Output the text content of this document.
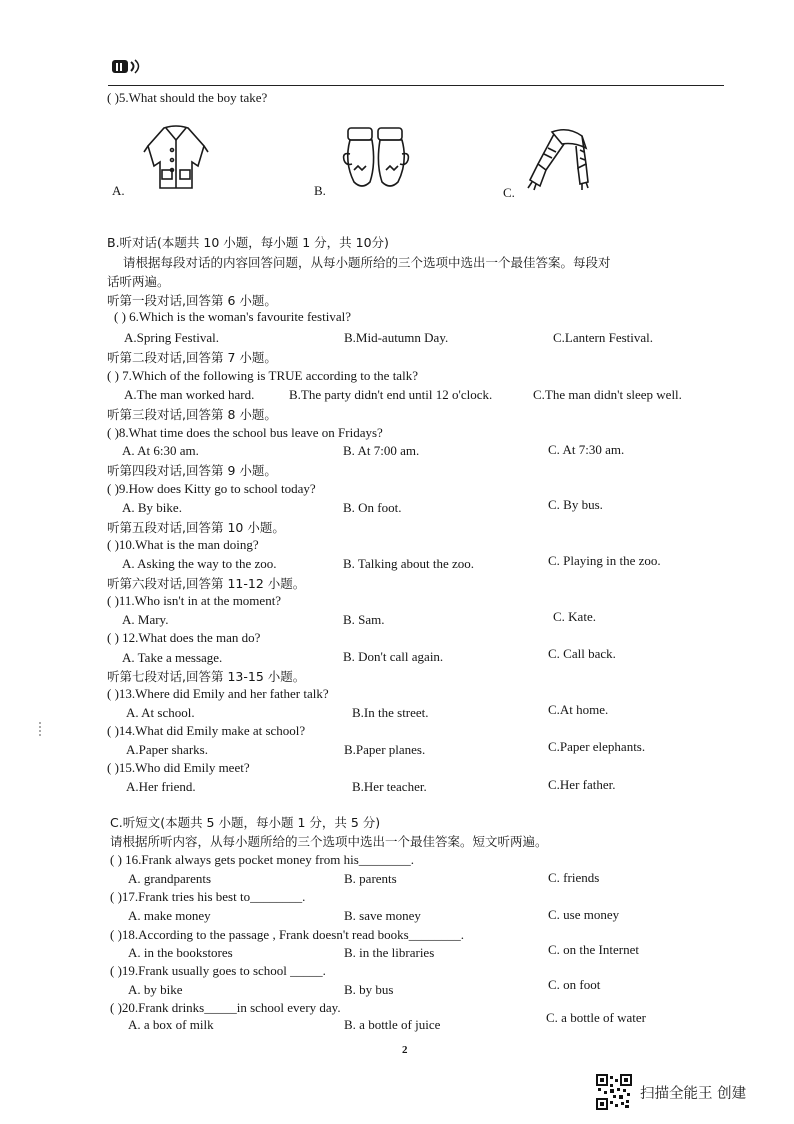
( )5.What should the boy take?
A.	B.	C.
B.听对话(本题共 10 小题，每小题 1 分，共 10分)
请根据每段对话的内容回答问题，从每小题所给的三个选项中选出一个最佳答案。每段对
话听两遍。
听第一段对话,回答第 6 小题。
( ) 6.Which is the woman's favourite festival?
A.Spring Festival.	B.Mid-autumn Day.	C.Lantern Festival.
听第二段对话,回答第 7 小题。
( ) 7.Which of the following is TRUE according to the talk?
A.The man worked hard.	B.The party didn't end until 12 o'clock.	C.The man didn't sleep well.
听第三段对话,回答第 8 小题。
( )8.What time does the school bus leave on Fridays?
A. At 6:30 am.	B. At 7:00 am.	C. At 7:30 am.
听第四段对话,回答第 9 小题。
( )9.How does Kitty go to school today?
A. By bike.	B. On foot.	C. By bus.
听第五段对话,回答第 10 小题。
( )10.What is the man doing?
A. Asking the way to the zoo.	B. Talking about the zoo.	C. Playing in the zoo.
听第六段对话,回答第 11-12 小题。
( )11.Who isn't in at the moment?
A. Mary.	B. Sam.	C. Kate.
( ) 12.What does the man do?
A. Take a message.	B. Don't call again.	C. Call back.
听第七段对话,回答第 13-15 小题。
( )13.Where did Emily and her father talk?
A. At school.	B.In the street.	C.At home.
( )14.What did Emily make at school?
A.Paper sharks.	B.Paper planes.	C.Paper elephants.
( )15.Who did Emily meet?
A.Her friend.	B.Her teacher.	C.Her father.
C.听短文(本题共 5 小题，每小题 1 分，共 5 分)
请根据所听内容，从每小题所给的三个选项中选出一个最佳答案。短文听两遍。
( ) 16.Frank always gets pocket money from his________.
A. grandparents	B. parents	C. friends
( )17.Frank tries his best to________.
A. make money	B. save money	C. use money
( )18.According to the passage , Frank doesn't read books________.
A. in the bookstores	B. in the libraries	C. on the Internet
( )19.Frank usually goes to school _____.
A. by bike	B. by bus	C. on foot
( )20.Frank drinks_____in school every day.
A. a box of milk	B. a bottle of juice	C. a bottle of water
2
扫描全能王 创建
